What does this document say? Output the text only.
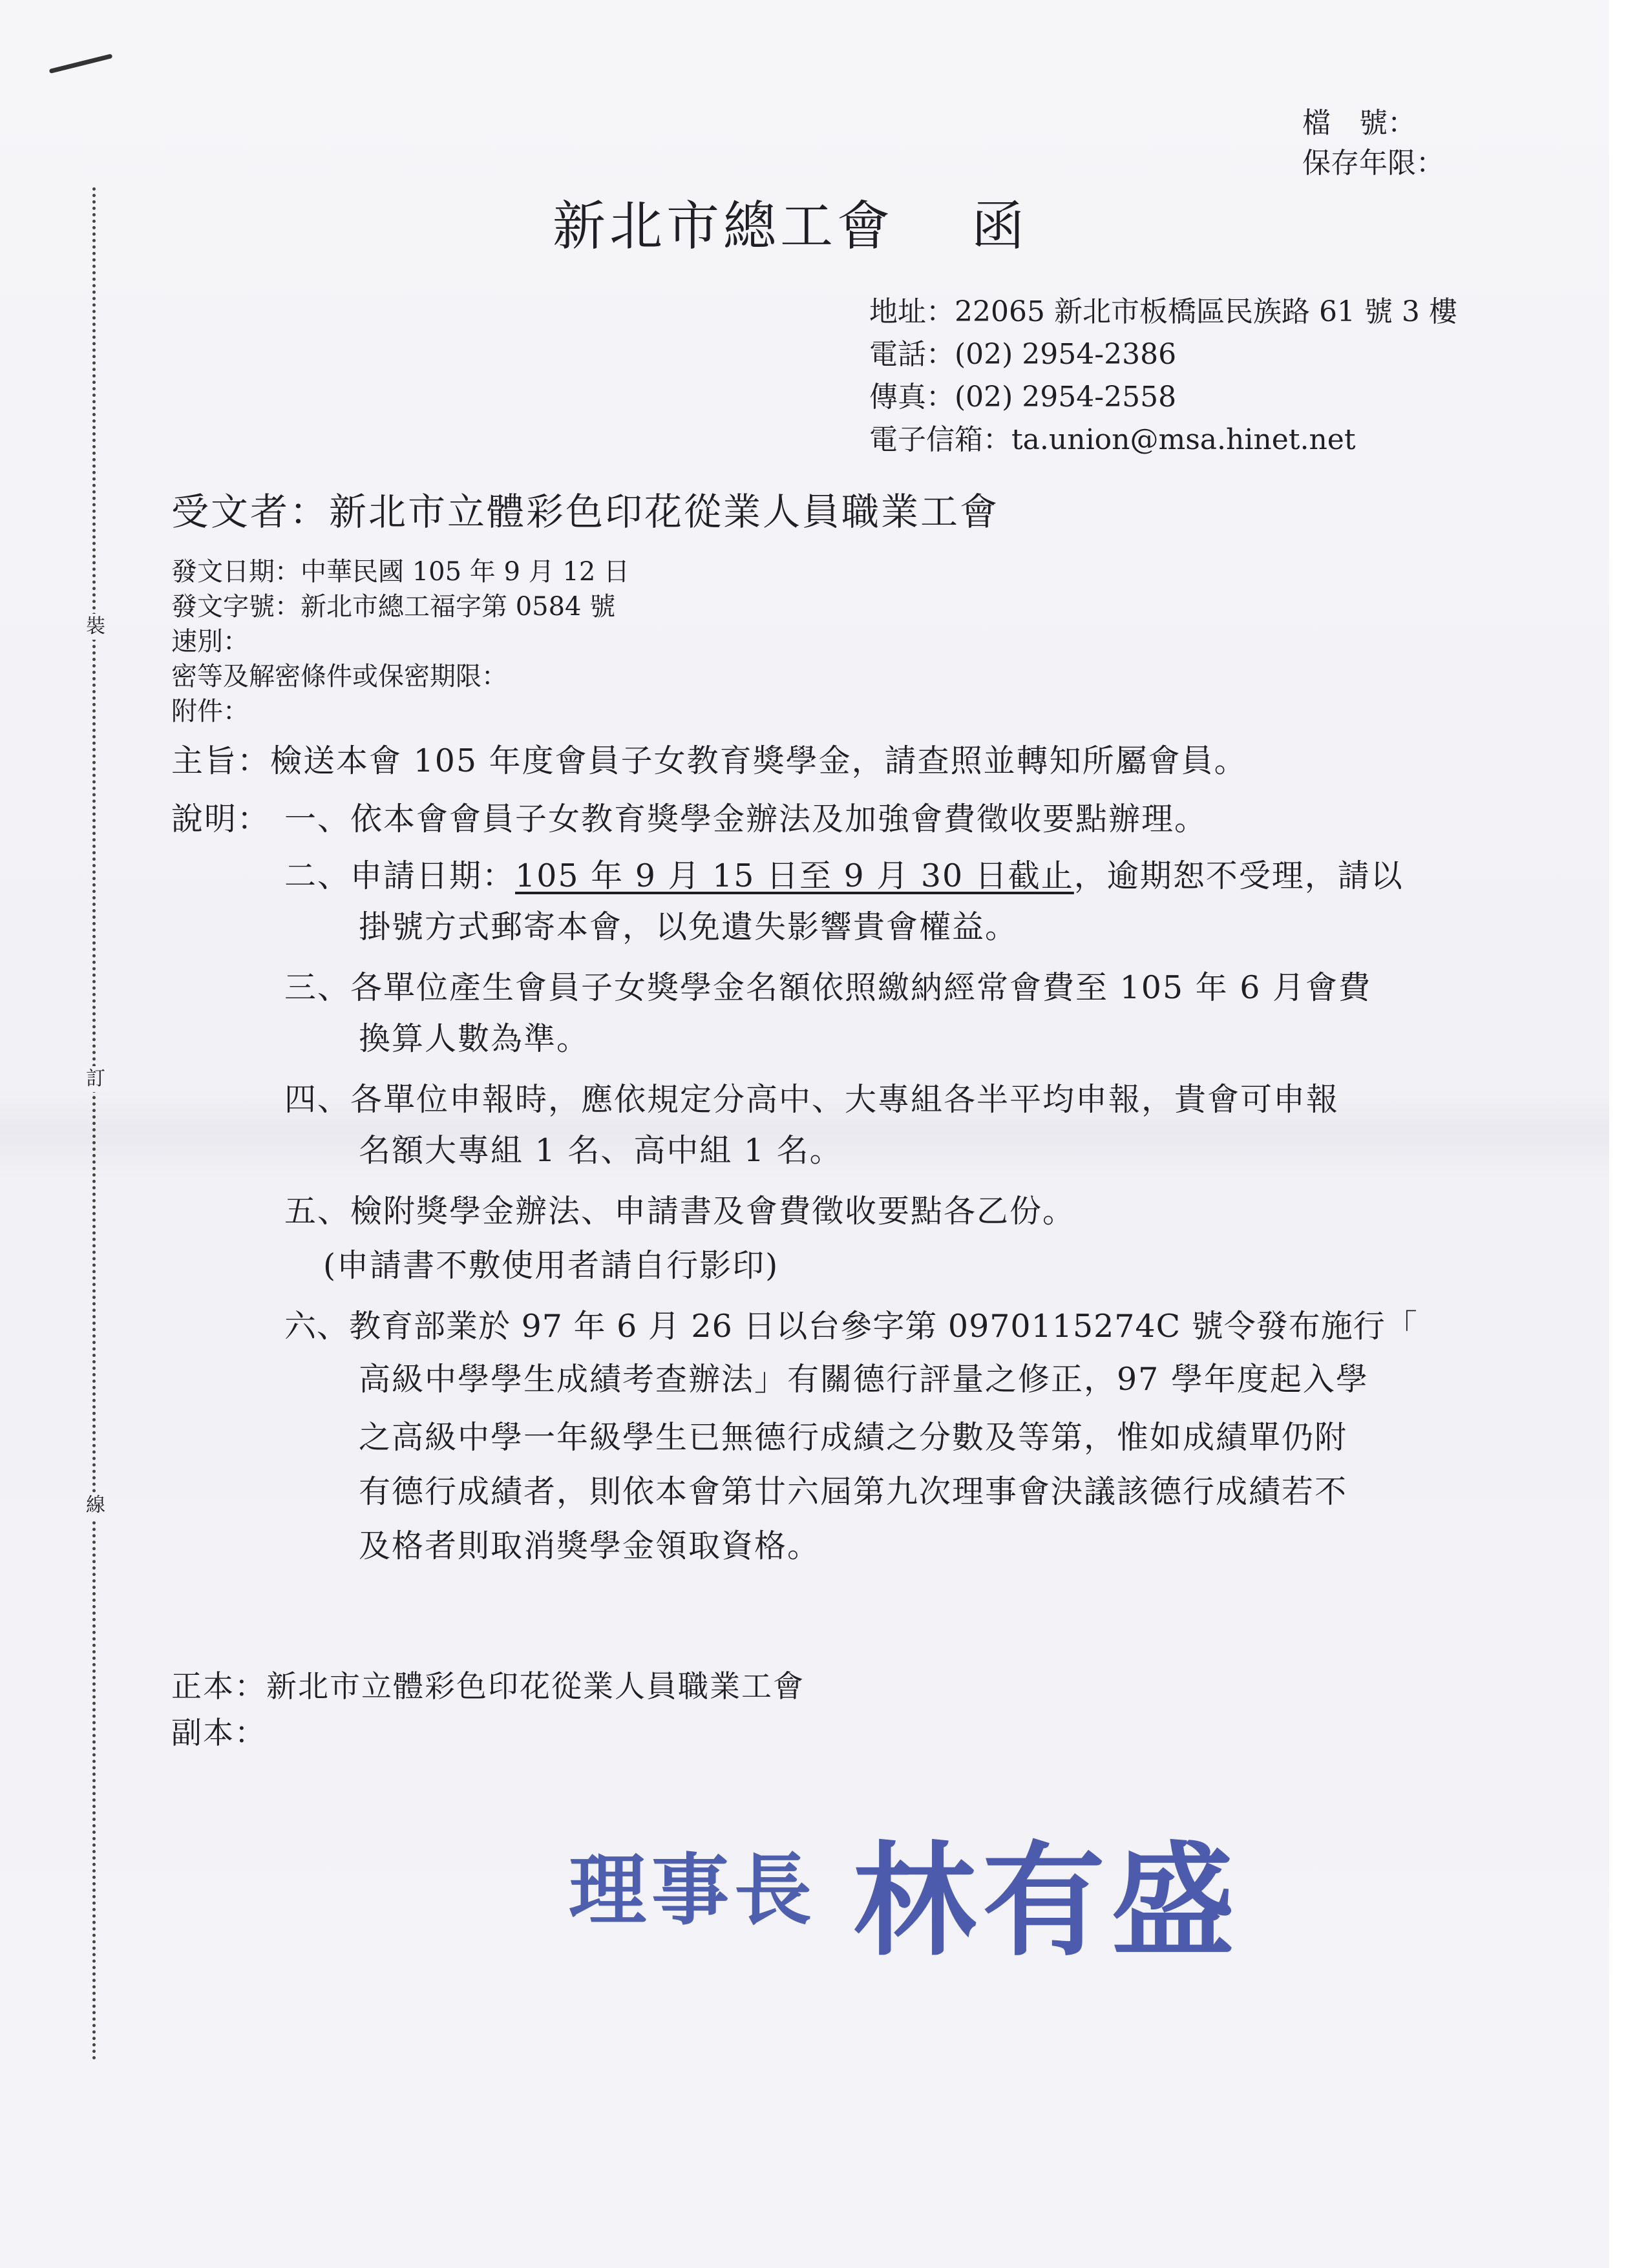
裝
訂
線
檔　號：
保存年限：
新北市總工會　 函
地址：22065 新北市板橋區民族路 61 號 3 樓
電話：(02) 2954-2386
傳真：(02) 2954-2558
電子信箱：ta.union@msa.hinet.net
受文者：新北市立體彩色印花從業人員職業工會
發文日期：中華民國 105 年 9 月 12 日
發文字號：新北市總工福字第 0584 號
速別：
密等及解密條件或保密期限：
附件：
主旨：檢送本會 105 年度會員子女教育獎學金，請查照並轉知所屬會員。
說明： 一、依本會會員子女教育獎學金辦法及加強會費徵收要點辦理。
二、申請日期：105 年 9 月 15 日至 9 月 30 日截止，逾期恕不受理，請以
掛號方式郵寄本會，以免遺失影響貴會權益。
三、各單位產生會員子女獎學金名額依照繳納經常會費至 105 年 6 月會費
換算人數為準。
四、各單位申報時，應依規定分高中、大專組各半平均申報，貴會可申報
名額大專組 1 名、高中組 1 名。
五、檢附獎學金辦法、申請書及會費徵收要點各乙份。
(申請書不敷使用者請自行影印)
六、教育部業於 97 年 6 月 26 日以台參字第 0970115274C 號令發布施行「
高級中學學生成績考查辦法」有關德行評量之修正，97 學年度起入學
之高級中學一年級學生已無德行成績之分數及等第，惟如成績單仍附
有德行成績者，則依本會第廿六屆第九次理事會決議該德行成績若不
及格者則取消獎學金領取資格。
正本：新北市立體彩色印花從業人員職業工會
副本：
理事長 林有盛
